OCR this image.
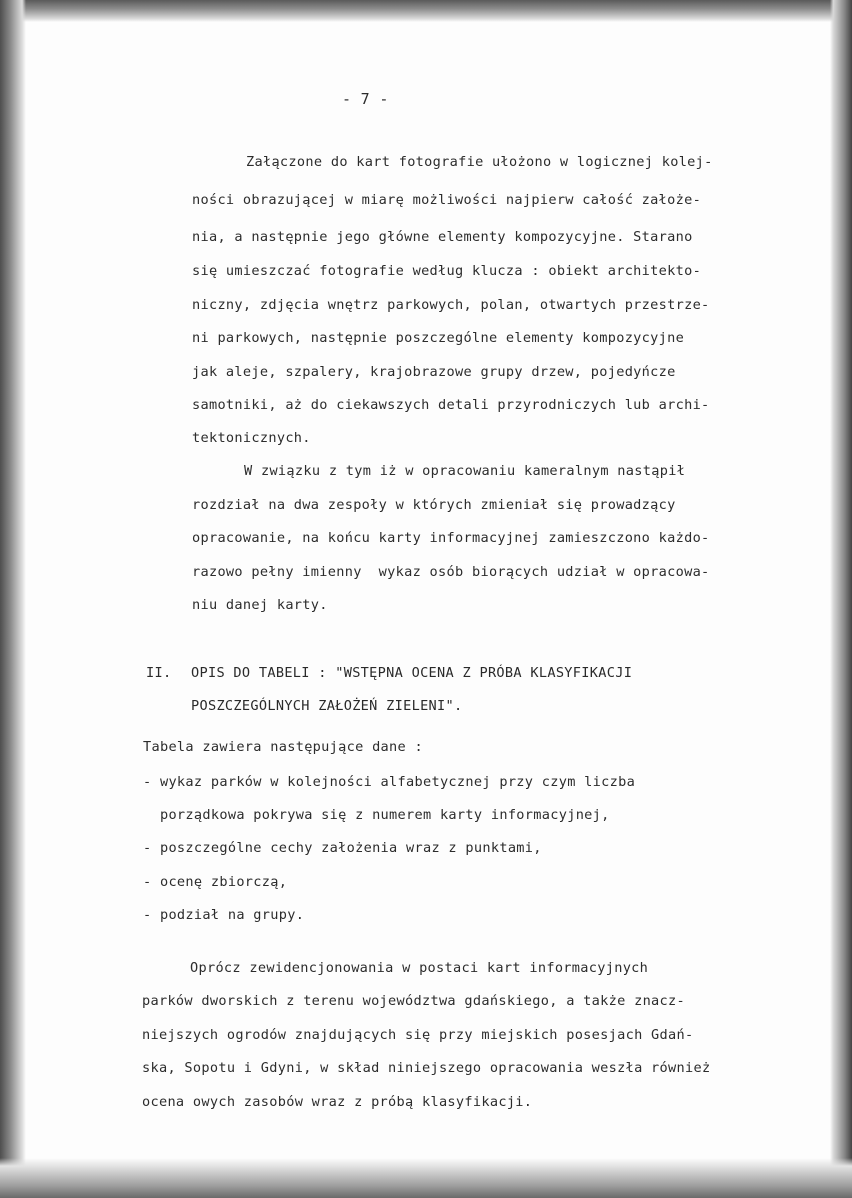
- 7 -
Załączone do kart fotografie ułożono w logicznej kolej-
ności obrazującej w miarę możliwości najpierw całość założe-
nia, a następnie jego główne elementy kompozycyjne. Starano
się umieszczać fotografie według klucza : obiekt architekto-
niczny, zdjęcia wnętrz parkowych, polan, otwartych przestrze-
ni parkowych, następnie poszczególne elementy kompozycyjne
jak aleje, szpalery, krajobrazowe grupy drzew, pojedyńcze
samotniki, aż do ciekawszych detali przyrodniczych lub archi-
tektonicznych.
W związku z tym iż w opracowaniu kameralnym nastąpił
rozdział na dwa zespoły w których zmieniał się prowadzący
opracowanie, na końcu karty informacyjnej zamieszczono każdo-
razowo pełny imienny  wykaz osób biorących udział w opracowa-
niu danej karty.
II. OPIS DO TABELI : "WSTĘPNA OCENA Z PRÓBA KLASYFIKACJI
POSZCZEGÓLNYCH ZAŁOŻEŃ ZIELENI".
Tabela zawiera następujące dane :
- wykaz parków w kolejności alfabetycznej przy czym liczba
porządkowa pokrywa się z numerem karty informacyjnej,
- poszczególne cechy założenia wraz z punktami,
- ocenę zbiorczą,
- podział na grupy.
Oprócz zewidencjonowania w postaci kart informacyjnych
parków dworskich z terenu województwa gdańskiego, a także znacz-
niejszych ogrodów znajdujących się przy miejskich posesjach Gdań-
ska, Sopotu i Gdyni, w skład niniejszego opracowania weszła również
ocena owych zasobów wraz z próbą klasyfikacji.
